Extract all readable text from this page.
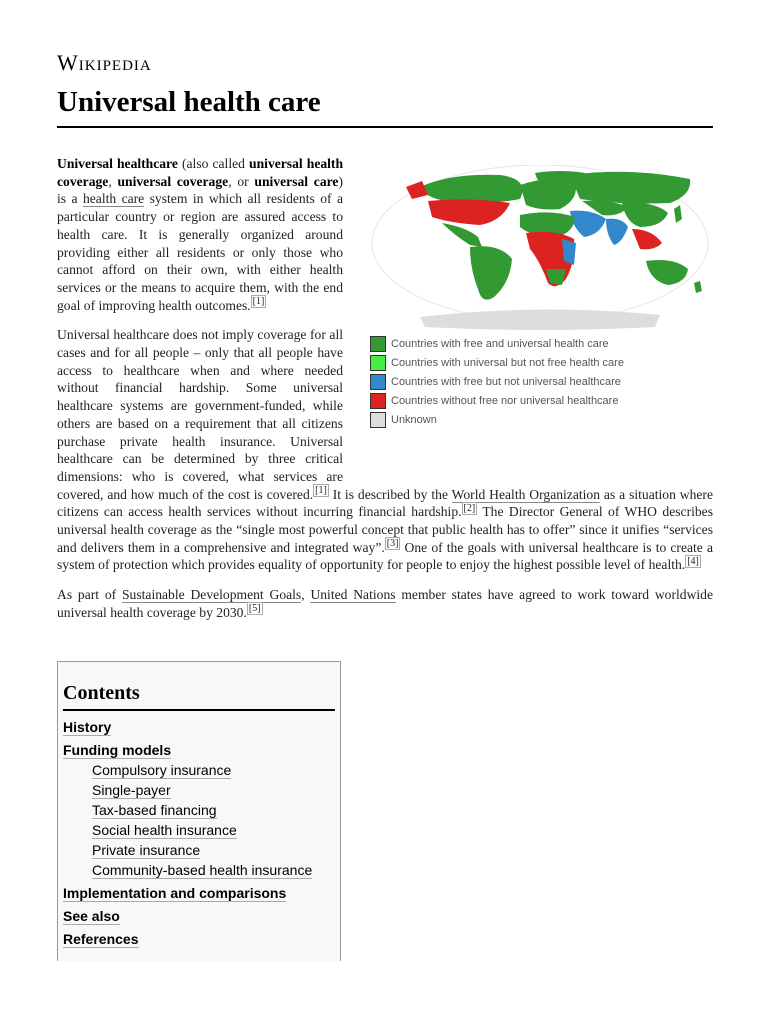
Wikipedia
Universal health care
Countries with free and universal health care
Countries with universal but not free health care
Countries with free but not universal healthcare
Countries without free nor universal healthcare
Unknown

Universal healthcare (also called universal health coverage, universal coverage, or universal care) is a health care system in which all residents of a particular country or region are assured access to health care. It is generally organized around providing either all residents or only those who cannot afford on their own, with either health services or the means to acquire them, with the end goal of improving health outcomes. [1]

Universal healthcare does not imply coverage for all cases and for all people – only that all people have access to healthcare when and where needed without financial hardship. Some universal healthcare systems are government-funded, while others are based on a requirement that all citizens purchase private health insurance. Universal healthcare can be determined by three critical dimensions: who is covered, what services are covered, and how much of the cost is covered. [1] It is described by the World Health Organization as a situation where citizens can access health services without incurring financial hardship. [2] The Director General of WHO describes universal health coverage as the “single most powerful concept that public health has to offer” since it unifies “services and delivers them in a comprehensive and integrated way”. [3] One of the goals with universal healthcare is to create a system of protection which provides equality of opportunity for people to enjoy the highest possible level of health. [4]

As part of Sustainable Development Goals, United Nations member states have agreed to work toward worldwide universal health coverage by 2030. [5]

Contents
History
Funding models
Compulsory insurance
Single-payer
Tax-based financing
Social health insurance
Private insurance
Community-based health insurance
Implementation and comparisons
See also
References
